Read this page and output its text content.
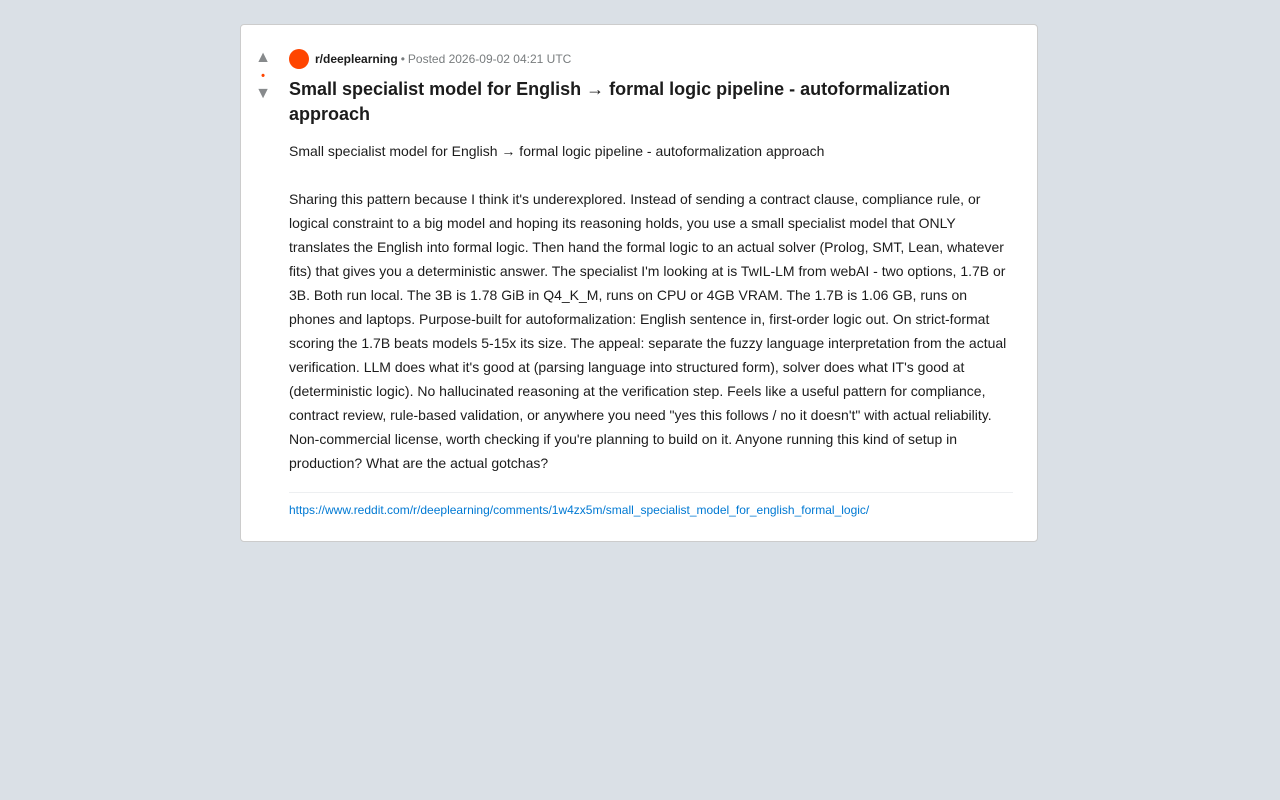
▲
•
▼
r/deeplearning • Posted 2026-09-02 04:21 UTC
Small specialist model for English → formal logic pipeline - autoformalization approach

Small specialist model for English → formal logic pipeline - autoformalization approach

Sharing this pattern because I think it's underexplored. Instead of sending a contract clause, compliance rule, or logical constraint to a big model and hoping its reasoning holds, you use a small specialist model that ONLY translates the English into formal logic. Then hand the formal logic to an actual solver (Prolog, SMT, Lean, whatever fits) that gives you a deterministic answer. The specialist I'm looking at is TwIL-LM from webAI - two options, 1.7B or 3B. Both run local. The 3B is 1.78 GiB in Q4_K_M, runs on CPU or 4GB VRAM. The 1.7B is 1.06 GB, runs on phones and laptops. Purpose-built for autoformalization: English sentence in, first-order logic out. On strict-format scoring the 1.7B beats models 5-15x its size. The appeal: separate the fuzzy language interpretation from the actual verification. LLM does what it's good at (parsing language into structured form), solver does what IT's good at (deterministic logic). No hallucinated reasoning at the verification step. Feels like a useful pattern for compliance, contract review, rule-based validation, or anywhere you need "yes this follows / no it doesn't" with actual reliability. Non-commercial license, worth checking if you're planning to build on it. Anyone running this kind of setup in production? What are the actual gotchas?

https://www.reddit.com/r/deeplearning/comments/1w4zx5m/small_specialist_model_for_english_formal_logic/
